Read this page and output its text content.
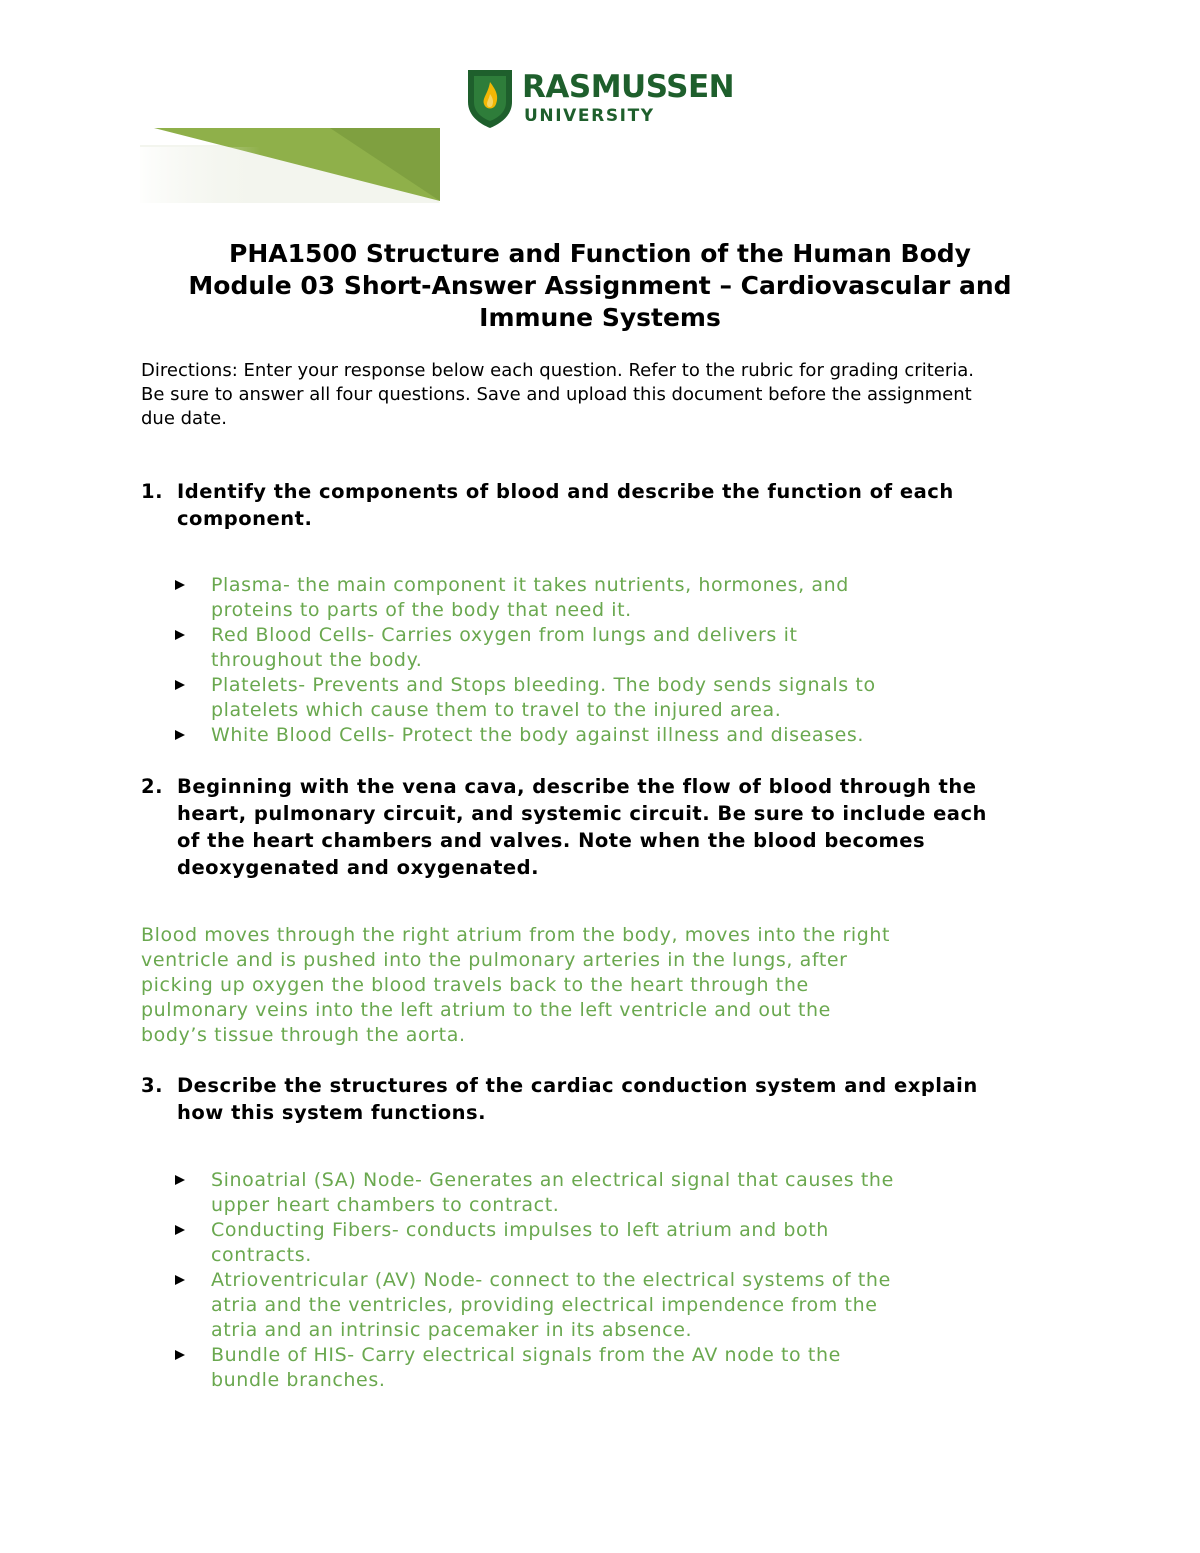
RASMUSSEN
UNIVERSITY
PHA1500 Structure and Function of the Human Body
Module 03 Short-Answer Assignment – Cardiovascular and
Immune Systems
Directions: Enter your response below each question. Refer to the rubric for grading criteria.
Be sure to answer all four questions. Save and upload this document before the assignment
due date.
1. Identify the components of blood and describe the function of each
component.
Plasma- the main component it takes nutrients, hormones, and
proteins to parts of the body that need it.
Red Blood Cells- Carries oxygen from lungs and delivers it
throughout the body.
Platelets- Prevents and Stops bleeding. The body sends signals to
platelets which cause them to travel to the injured area.
White Blood Cells- Protect the body against illness and diseases.
2. Beginning with the vena cava, describe the flow of blood through the
heart, pulmonary circuit, and systemic circuit. Be sure to include each
of the heart chambers and valves. Note when the blood becomes
deoxygenated and oxygenated.
Blood moves through the right atrium from the body, moves into the right
ventricle and is pushed into the pulmonary arteries in the lungs, after
picking up oxygen the blood travels back to the heart through the
pulmonary veins into the left atrium to the left ventricle and out the
body’s tissue through the aorta.
3. Describe the structures of the cardiac conduction system and explain
how this system functions.
Sinoatrial (SA) Node- Generates an electrical signal that causes the
upper heart chambers to contract.
Conducting Fibers- conducts impulses to left atrium and both
contracts.
Atrioventricular (AV) Node- connect to the electrical systems of the
atria and the ventricles, providing electrical impendence from the
atria and an intrinsic pacemaker in its absence.
Bundle of HIS- Carry electrical signals from the AV node to the
bundle branches.
